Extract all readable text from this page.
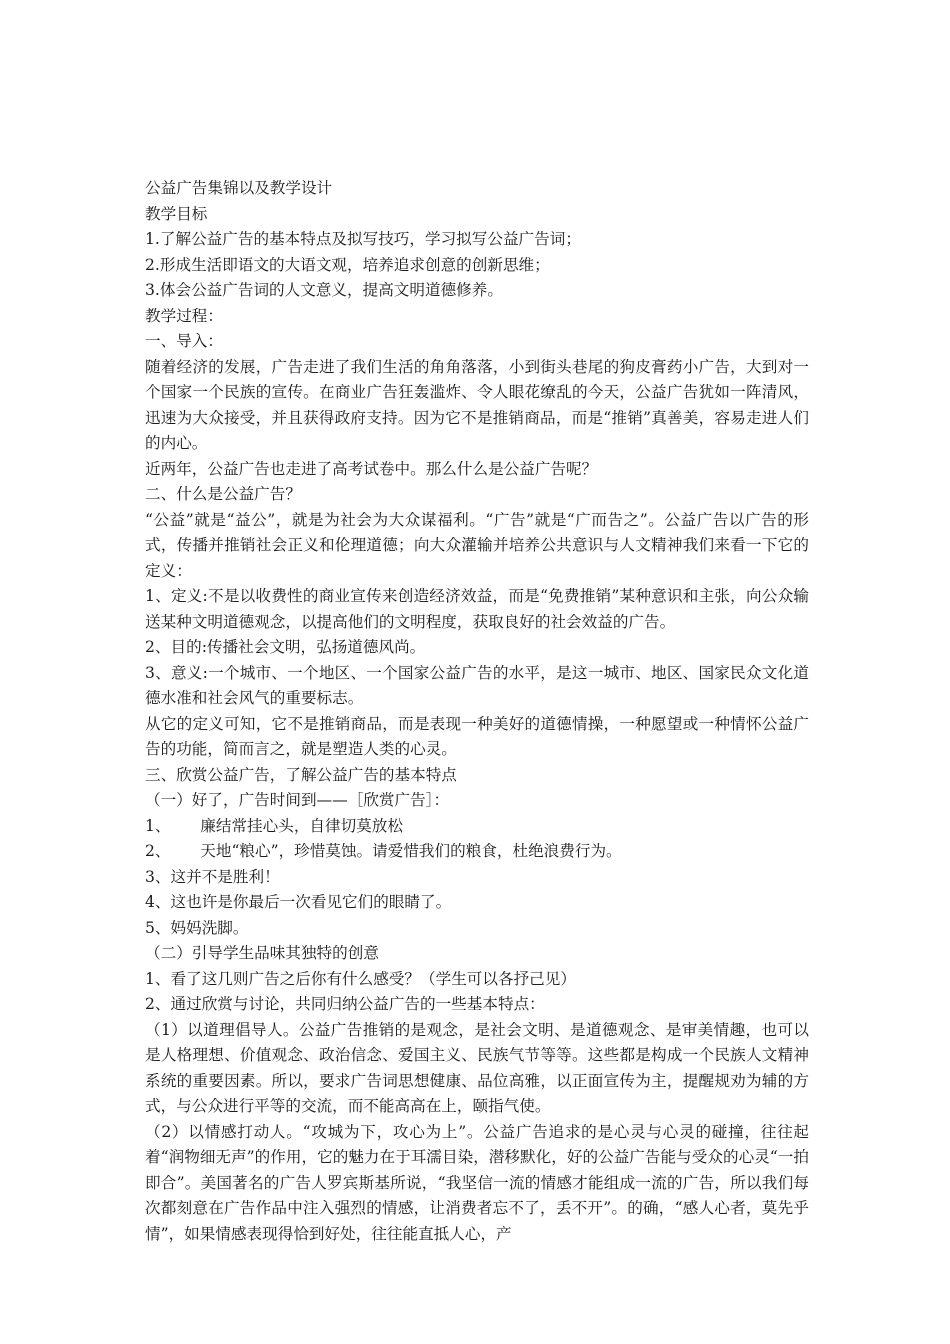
公益广告集锦以及教学设计

教学目标

1.了解公益广告的基本特点及拟写技巧，学习拟写公益广告词；

2.形成生活即语文的大语文观，培养追求创意的创新思维；

3.体会公益广告词的人文意义，提高文明道德修养。

教学过程：

一、导入：

随着经济的发展，广告走进了我们生活的角角落落，小到街头巷尾的狗皮膏药小广告，大到对一个国家一个民族的宣传。在商业广告狂轰滥炸、令人眼花缭乱的今天，公益广告犹如一阵清风，迅速为大众接受，并且获得政府支持。因为它不是推销商品，而是“推销”真善美，容易走进人们的内心。

近两年，公益广告也走进了高考试卷中。那么什么是公益广告呢？

二、什么是公益广告？

“公益”就是“益公”，就是为社会为大众谋福利。“广告”就是“广而告之”。公益广告以广告的形式，传播并推销社会正义和伦理道德；向大众灌输并培养公共意识与人文精神我们来看一下它的定义：

1、定义:不是以收费性的商业宣传来创造经济效益，而是“免费推销”某种意识和主张，向公众输送某种文明道德观念，以提高他们的文明程度，获取良好的社会效益的广告。

2、目的:传播社会文明，弘扬道德风尚。

3、意义:一个城市、一个地区、一个国家公益广告的水平，是这一城市、地区、国家民众文化道德水准和社会风气的重要标志。

从它的定义可知，它不是推销商品，而是表现一种美好的道德情操，一种愿望或一种情怀公益广告的功能，简而言之，就是塑造人类的心灵。

三、欣赏公益广告，了解公益广告的基本特点

（一）好了，广告时间到——［欣赏广告］：

1、      廉结常挂心头，自律切莫放松

2、      天地“粮心”，珍惜莫蚀。请爱惜我们的粮食，杜绝浪费行为。

3、这并不是胜利！

4、这也许是你最后一次看见它们的眼睛了。

5、妈妈洗脚。

（二）引导学生品味其独特的创意

1、看了这几则广告之后你有什么感受？（学生可以各抒己见）

2、通过欣赏与讨论，共同归纳公益广告的一些基本特点：

（1）以道理倡导人。公益广告推销的是观念，是社会文明、是道德观念、是审美情趣，也可以是人格理想、价值观念、政治信念、爱国主义、民族气节等等。这些都是构成一个民族人文精神系统的重要因素。所以，要求广告词思想健康、品位高雅，以正面宣传为主，提醒规劝为辅的方式，与公众进行平等的交流，而不能高高在上，颐指气使。

（2）以情感打动人。“攻城为下，攻心为上”。公益广告追求的是心灵与心灵的碰撞，往往起着“润物细无声”的作用，它的魅力在于耳濡目染，潜移默化，好的公益广告能与受众的心灵“一拍即合”。美国著名的广告人罗宾斯基所说，“我坚信一流的情感才能组成一流的广告，所以我们每次都刻意在广告作品中注入强烈的情感，让消费者忘不了，丢不开”。的确，“感人心者，莫先乎情”，如果情感表现得恰到好处，往往能直抵人心，产
